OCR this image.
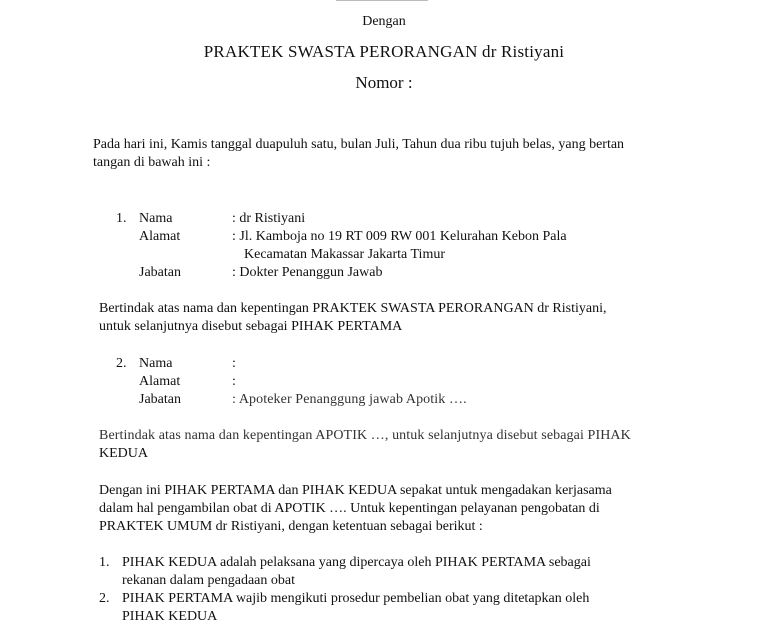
Dengan
PRAKTEK SWASTA PERORANGAN dr Ristiyani
Nomor :
Pada hari ini, Kamis tanggal duapuluh satu, bulan Juli, Tahun dua ribu tujuh belas, yang bertan
tangan di bawah ini :
1. Nama	: dr Ristiyani
Alamat	: Jl. Kamboja no 19 RT 009 RW 001 Kelurahan Kebon Pala
Kecamatan Makassar Jakarta Timur
Jabatan	: Dokter Penanggun Jawab
Bertindak atas nama dan kepentingan PRAKTEK SWASTA PERORANGAN dr Ristiyani,
untuk selanjutnya disebut sebagai PIHAK PERTAMA
2. Nama	:
Alamat	:
Jabatan	: Apoteker Penanggung jawab Apotik ….
Bertindak atas nama dan kepentingan APOTIK …, untuk selanjutnya disebut sebagai PIHAK
KEDUA
Dengan ini PIHAK PERTAMA dan PIHAK KEDUA sepakat untuk mengadakan kerjasama
dalam hal pengambilan obat di APOTIK …. Untuk kepentingan pelayanan pengobatan di
PRAKTEK UMUM dr Ristiyani, dengan ketentuan sebagai berikut :
1. PIHAK KEDUA adalah pelaksana yang dipercaya oleh PIHAK PERTAMA sebagai
rekanan dalam pengadaan obat
2. PIHAK PERTAMA wajib mengikuti prosedur pembelian obat yang ditetapkan oleh
PIHAK KEDUA
